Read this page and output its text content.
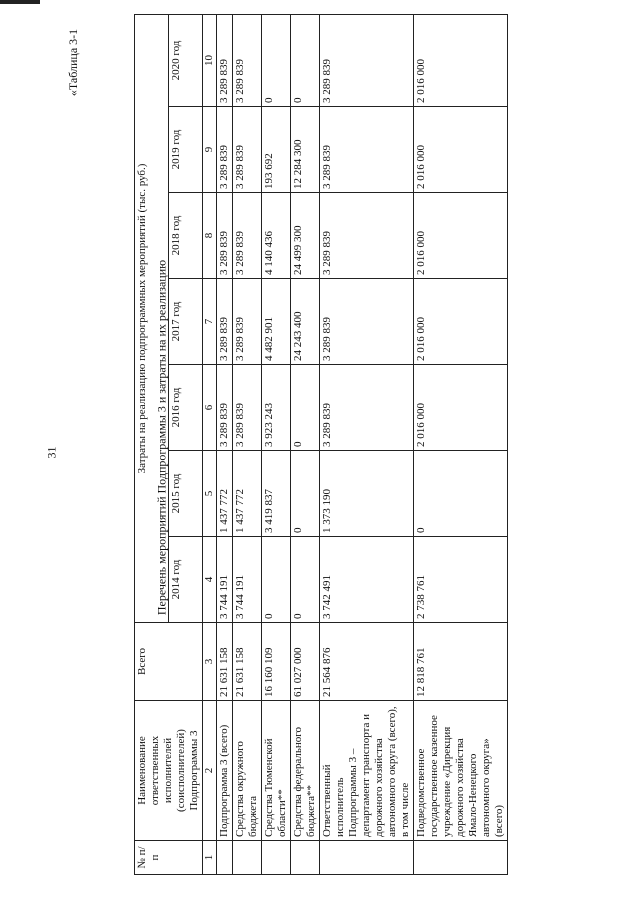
«Таблица 3-1
31	Перечень мероприятий Подпрограммы 3 и затраты на их реализацию
№ п/п	Наименование ответственных исполнителей (соисполнителей) Подпрограммы 3	Всего	Затраты на реализацию подпрограммных мероприятий (тыс. руб.)						
			2014 год	2015 год	2016 год	2017 год	2018 год	2019 год	2020 год
1	2	3	4	5	6	7	8	9	10
	Подпрограмма 3 (всего)	21 631 158	3 744 191	1 437 772	3 289 839	3 289 839	3 289 839	3 289 839	3 289 839
	Средства окружного бюджета	21 631 158	3 744 191	1 437 772	3 289 839	3 289 839	3 289 839	3 289 839	3 289 839
	Средства Тюменской области**	16 160 109	0	3 419 837	3 923 243	4 482 901	4 140 436	193 692	0
	Средства федерального бюджета**	61 027 000	0	0	0	24 243 400	24 499 300	12 284 300	0
	Ответственный исполнитель Подпрограммы 3 – департамент транспорта и дорожного хозяйства автономного округа (всего), в том числе	21 564 876	3 742 491	1 373 190	3 289 839	3 289 839	3 289 839	3 289 839	3 289 839
	Подведомственное государственное казенное учреждение «Дирекция дорожного хозяйства Ямало-Ненецкого автономного округа» (всего)	12 818 761	2 738 761	0	2 016 000	2 016 000	2 016 000	2 016 000	2 016 000
